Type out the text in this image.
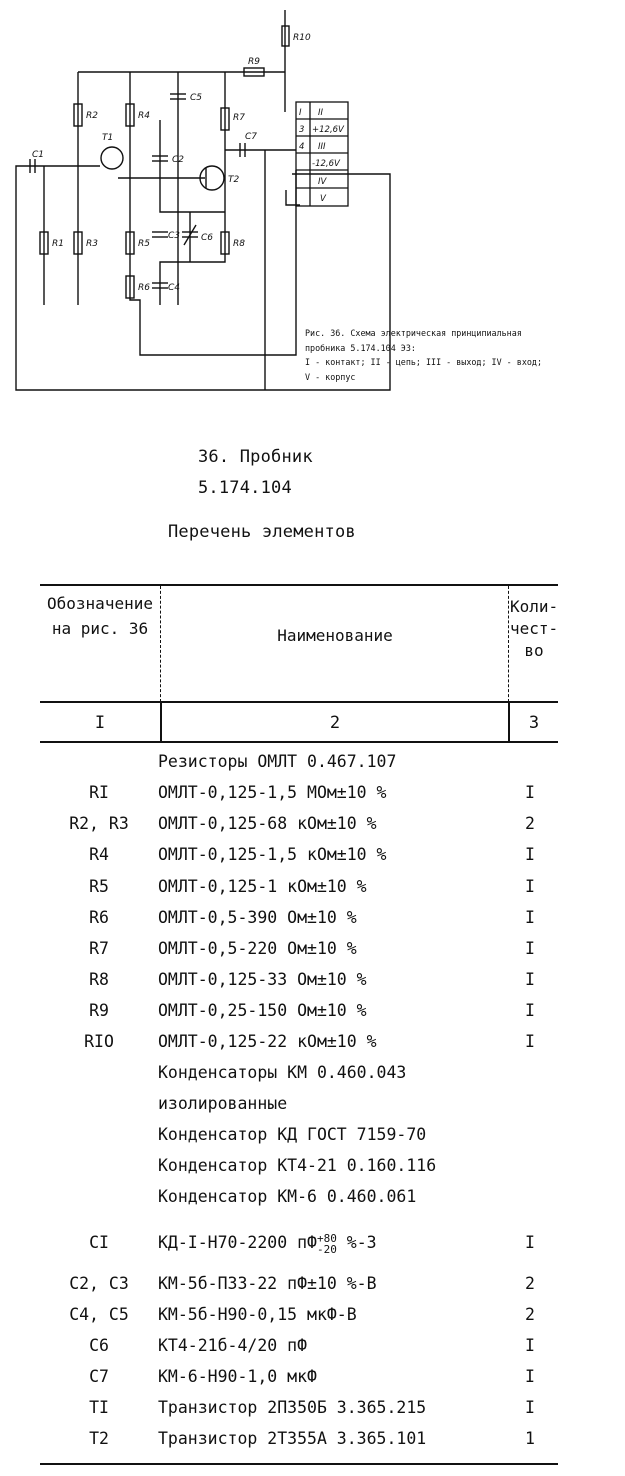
I II
3 +12,6V
4 III
-12,6V
IV
V
R10
R9
R2	R4
C5
R7
C7
T1
C1	C2
T2
R1 R3	R5
C3 C6
R8
R6 C4
Рис. 36. Схема электрическая принципиальная
пробника 5.174.104 ЭЗ:
I - контакт; II - цепь; III - выход; IV - вход;
V - корпус
36. Пробник
5.174.104
Перечень элементов
Обозначение
на рис. 36	Наименование
Коли-
чест-
во
I	2	3
Резисторы ОМЛТ 0.467.107
RI	ОМЛТ-0,125-1,5 МОм±10 %	I
R2, R3	ОМЛТ-0,125-68 кОм±10 %	2
R4	ОМЛТ-0,125-1,5 кОм±10 %	I
R5	ОМЛТ-0,125-1 кОм±10 %	I
R6	ОМЛТ-0,5-390 Ом±10 %	I
R7	ОМЛТ-0,5-220 Ом±10 %	I
R8	ОМЛТ-0,125-33 Ом±10 %	I
R9	ОМЛТ-0,25-150 Ом±10 %	I
RIO	ОМЛТ-0,125-22 кОм±10 %	I
Конденсаторы КМ 0.460.043
изолированные
Конденсатор КД ГОСТ 7159-70
Конденсатор КТ4-21 0.160.116
Конденсатор КМ-6 0.460.061
CI	КД-I-H70-2200 пФ +80
-20 %-3	I
C2, C3	КМ-5б-П33-22 пФ±10 %-В	2
C4, C5	КМ-5б-Н90-0,15 мкФ-В	2
C6	КТ4-21б-4/20 пФ	I
C7	КМ-6-Н90-1,0 мкФ	I
TI	Транзистор 2П350Б 3.365.215	I
T2	Транзистор 2Т355А 3.365.101	1
